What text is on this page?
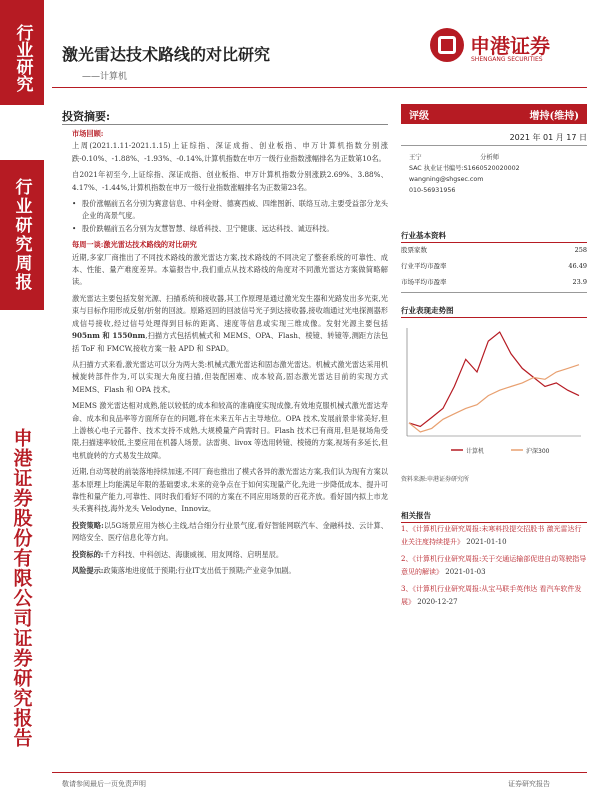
行业研究
行业研究周报
申港证券股份有限公司证券研究报告
激光雷达技术路线的对比研究
——计算机
申港证券
SHENGANG SECURITIES
投资摘要:

市场回顾:

上周(2021.1.11-2021.1.15)上证综指、深证成指、创业板指、申万计算机指数分别涨跌-0.10%、-1.88%、-1.93%、-0.14%,计算机指数在申万一级行业指数涨幅排名为正数第10名。

自2021年初至今,上证综指、深证成指、创业板指、申万计算机指数分别涨跌2.69%、3.88%、4.17%、-1.44%,计算机指数在申万一级行业指数涨幅排名为正数第23名。

• 股价涨幅前五名分别为赛意信息、中科金财、德赛西威、四维图新、联络互动,主要受益部分龙头企业的高景气度。

• 股价跌幅前五名分别为友慧智慧、绿盾科技、卫宁健康、远达科技、诚迈科技。

每周一谈:激光雷达技术路线的对比研究

近期,多家厂商推出了不同技术路线的激光雷达方案,技术路线的不同决定了整套系统的可靠性、成本、性能、量产难度差异。本篇报告中,我们重点从技术路线的角度对不同激光雷达方案做简略解读。

激光雷达主要包括发射光源、扫描系统和接收器,其工作原理是通过激光发生器和光路发出多光束,光束与目标作用形成反射/折射的回波。原路返回的回波信号光子到达接收器,接收端通过光电探测器形成信号接收,经过信号处理得到目标的距离、速度等信息或实现三维成像。发射光源主要包括905nm 和 1550nm,扫描方式包括机械式和 MEMS、OPA、Flash、棱镜、转镜等,测距方法包括 ToF 和 FMCW,接收方案一般 APD 和 SPAD。

从扫描方式来看,激光雷达可以分为两大类:机械式激光雷达和固态激光雷达。机械式激光雷达采用机械旋转部件作为,可以实现大角度扫描,但装配困难、成本较高,固态激光雷达目前的实现方式 MEMS、Flash 和 OPA 技术。

MEMS 激光雷达相对成熟,能以较低的成本和较高的准确度实现成像,有效地克服机械式激光雷达寿命、成本和良品率等方面所存在的问题,将在未来五年占主导地位。OPA 技术,发展前景非常美好,但上游核心电子元器件、技术支持不成熟,大规模量产尚需时日。Flash 技术已有商用,但是视场角受限,扫描速率较低,主要应用在机器人场景。法雷奥、livox 等选用转镜、棱镜的方案,视场有多延长,但电机旋转的方式易发生故障。

近期,自动驾驶的前装落地持续加速,不同厂商也推出了模式各异的激光雷达方案,我们认为现有方案以基本原理上均能满足年限的基础要求,未来的竞争点在于如何实现量产化,先进一步降低成本、提升可靠性和量产能力,可靠性、同时我们看好不同的方案在不同应用场景的百花齐放。看好国内拟上市龙头禾赛科技,海外龙头 Velodyne、Innoviz。

投资策略:以5G场景应用为核心主线,结合细分行业景气度,看好智能网联汽车、金融科技、云计算、网络安全、医疗信息化等方向。

投资标的:千方科技、中科创达、海康威视、用友网络、启明星辰。

风险提示:政策落地进度低于预期;行业IT支出低于预期;产业竞争加剧。

评级	增持(维持)
2021 年 01 月 17 日
王宁	分析师
SAC 执业证书编号:S1660520020002
wangning@shgsec.com
010-56931956
行业基本资料
股票家数	258
行业平均市盈率	46.49
市场平均市盈率	23.9
行业表现走势图
计算机	沪深300
资料来源:申港证券研究所
相关报告
1、《计算机行业研究周报:未寒料投提交招股书 激光雷达行业关注度持续提升》 2021-01-10
2、《计算机行业研究周报:关于交通运输部促进自动驾驶指导意见的解读》 2021-01-03
3、《计算机行业研究周报:从宝马联手英伟达 看汽车软件发展》 2020-12-27
敬请参阅最后一页免责声明	证券研究报告
